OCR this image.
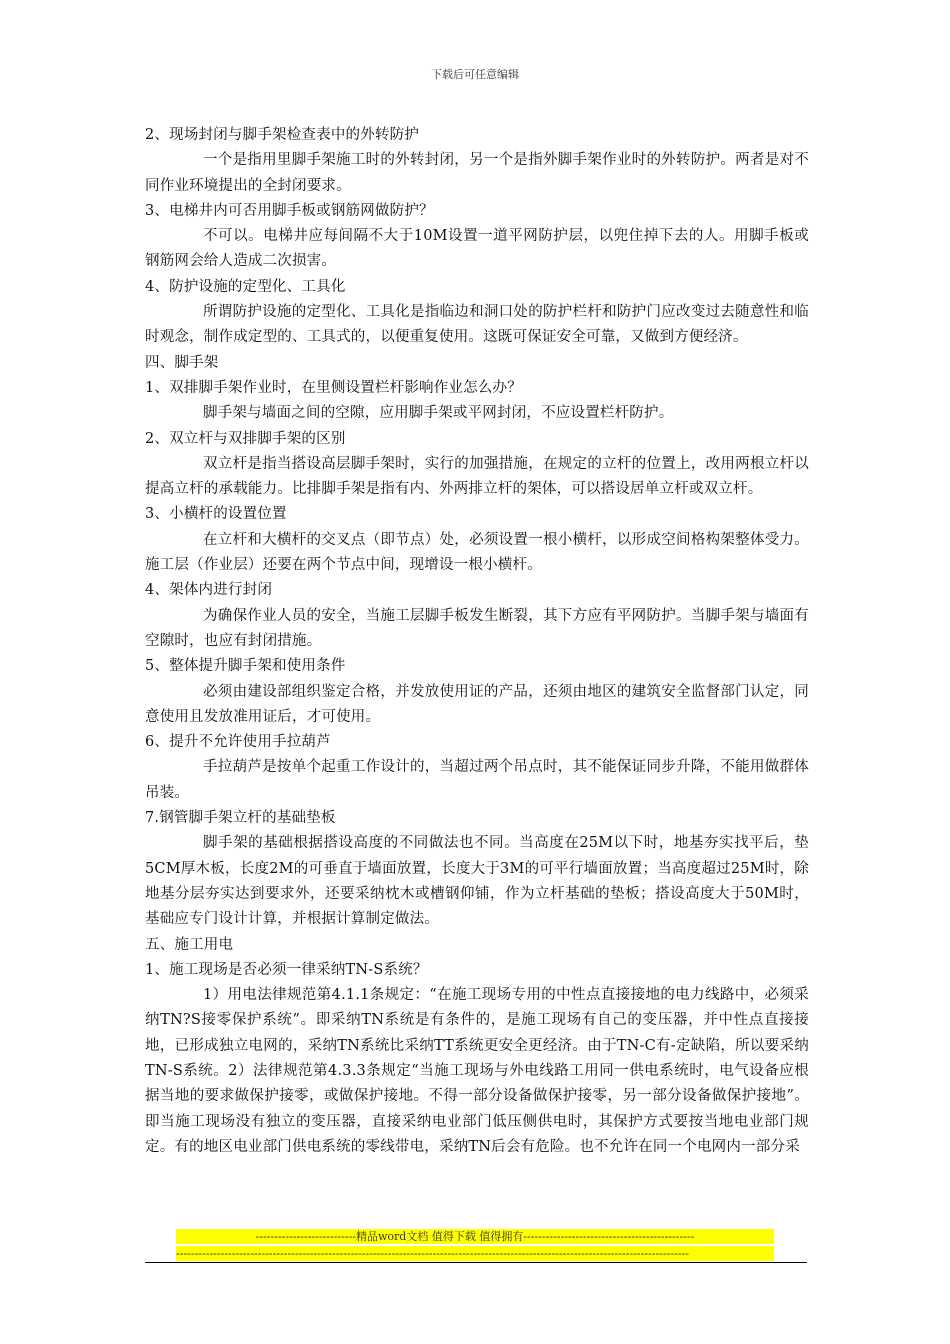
下载后可任意编辑

2、现场封闭与脚手架检查表中的外转防护

一个是指用里脚手架施工时的外转封闭，另一个是指外脚手架作业时的外转防护。两者是对不同作业环境提出的全封闭要求。

3、电梯井内可否用脚手板或钢筋网做防护？

不可以。电梯井应每间隔不大于10M设置一道平网防护层，以兜住掉下去的人。用脚手板或钢筋网会给人造成二次损害。

4、防护设施的定型化、工具化

所谓防护设施的定型化、工具化是指临边和洞口处的防护栏杆和防护门应改变过去随意性和临时观念，制作成定型的、工具式的，以便重复使用。这既可保证安全可靠，又做到方便经济。

四、脚手架

1、双排脚手架作业时，在里侧设置栏杆影响作业怎么办？

脚手架与墙面之间的空隙，应用脚手架或平网封闭，不应设置栏杆防护。

2、双立杆与双排脚手架的区别

双立杆是指当搭设高层脚手架时，实行的加强措施，在规定的立杆的位置上，改用两根立杆以提高立杆的承载能力。比排脚手架是指有内、外两排立杆的架体，可以搭设居单立杆或双立杆。

3、小横杆的设置位置

在立杆和大横杆的交叉点（即节点）处，必须设置一根小横杆，以形成空间格构架整体受力。施工层（作业层）还要在两个节点中间，现增设一根小横杆。

4、架体内进行封闭

为确保作业人员的安全，当施工层脚手板发生断裂，其下方应有平网防护。当脚手架与墙面有空隙时，也应有封闭措施。

5、整体提升脚手架和使用条件

必须由建设部组织鉴定合格，并发放使用证的产品，还须由地区的建筑安全监督部门认定，同意使用且发放准用证后，才可使用。

6、提升不允许使用手拉葫芦

手拉葫芦是按单个起重工作设计的，当超过两个吊点时，其不能保证同步升降，不能用做群体吊装。

7.钢管脚手架立杆的基础垫板

脚手架的基础根据搭设高度的不同做法也不同。当高度在25M以下时，地基夯实找平后，垫5CM厚木板，长度2M的可垂直于墙面放置，长度大于3M的可平行墙面放置；当高度超过25M时，除地基分层夯实达到要求外，还要采纳枕木或槽钢仰铺，作为立杆基础的垫板；搭设高度大于50M时，基础应专门设计计算，并根据计算制定做法。

五、施工用电

1、施工现场是否必须一律采纳TN-S系统？

1）用电法律规范第4.1.1条规定：“在施工现场专用的中性点直接接地的电力线路中，必须采纳TN?S接零保护系统”。即采纳TN系统是有条件的，是施工现场有自己的变压器，并中性点直接接地，已形成独立电网的，采纳TN系统比采纳TT系统更安全更经济。由于TN-C有-定缺陷，所以要采纳TN-S系统。2）法律规范第4.3.3条规定“当施工现场与外电线路工用同一供电系统时，电气设备应根据当地的要求做保护接零，或做保护接地。不得一部分设备做保护接零，另一部分设备做保护接地”。即当施工现场没有独立的变压器，直接采纳电业部门低压侧供电时，其保护方式要按当地电业部门规定。有的地区电业部门供电系统的零线带电，采纳TN后会有危险。也不允许在同一个电网内一部分采

---------------------------精品word文档 值得下载 值得拥有----------------------------------------------
------------------------------------------------------------------------------------------------------------------------------------------
